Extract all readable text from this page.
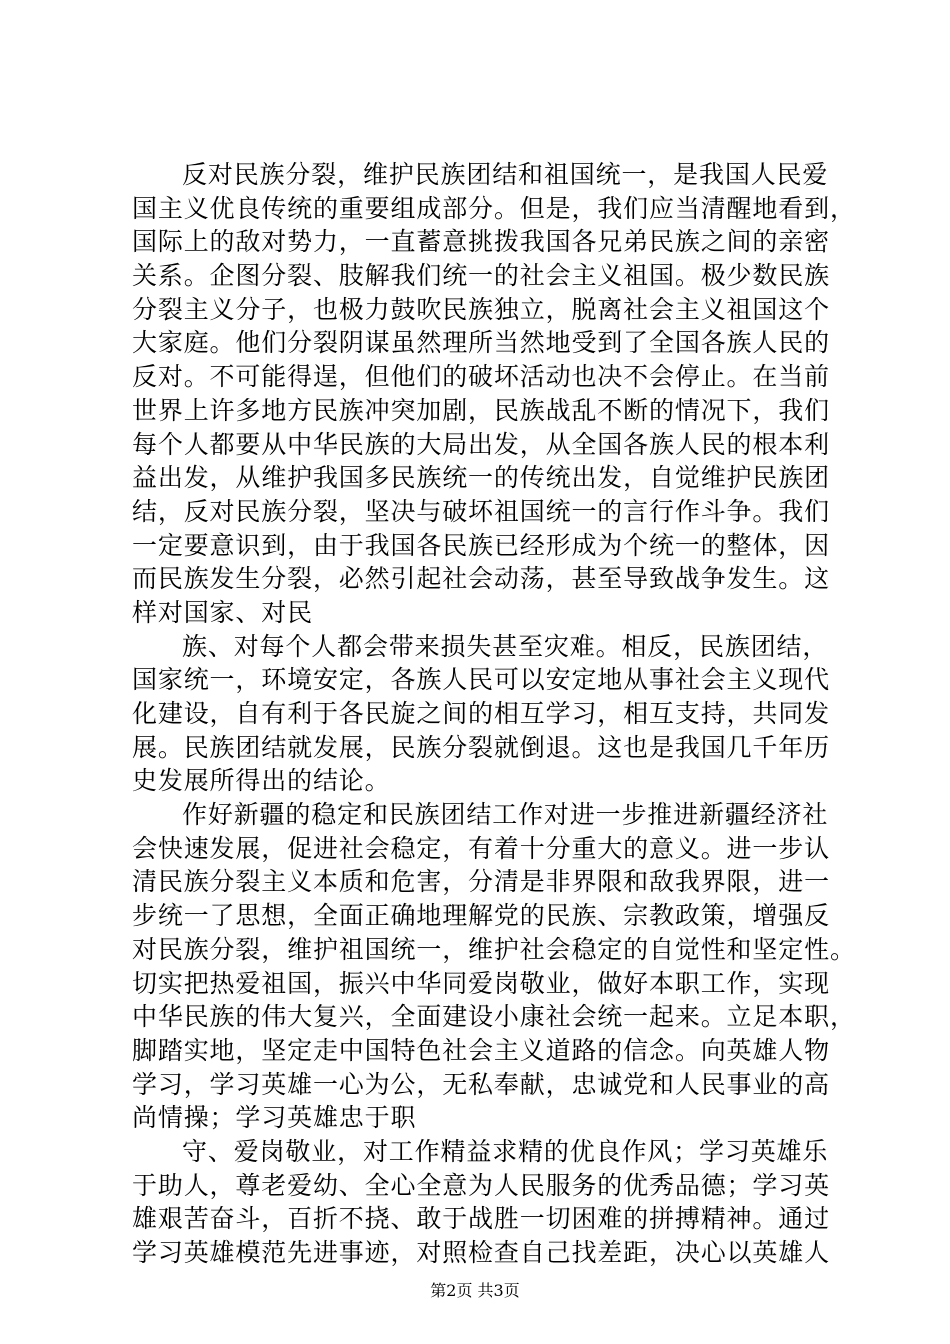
反对民族分裂，维护民族团结和祖国统一，是我国人民爱
国主义优良传统的重要组成部分。但是，我们应当清醒地看到，
国际上的敌对势力，一直蓄意挑拨我国各兄弟民族之间的亲密
关系。企图分裂、肢解我们统一的社会主义祖国。极少数民族
分裂主义分子，也极力鼓吹民族独立，脱离社会主义祖国这个
大家庭。他们分裂阴谋虽然理所当然地受到了全国各族人民的
反对。不可能得逞，但他们的破坏活动也决不会停止。在当前
世界上许多地方民族冲突加剧，民族战乱不断的情况下，我们
每个人都要从中华民族的大局出发，从全国各族人民的根本利
益出发，从维护我国多民族统一的传统出发，自觉维护民族团
结，反对民族分裂，坚决与破坏祖国统一的言行作斗争。我们
一定要意识到，由于我国各民族已经形成为个统一的整体，因
而民族发生分裂，必然引起社会动荡，甚至导致战争发生。这
样对国家、对民
族、对每个人都会带来损失甚至灾难。相反，民族团结，
国家统一，环境安定，各族人民可以安定地从事社会主义现代
化建设，自有利于各民旋之间的相互学习，相互支持，共同发
展。民族团结就发展，民族分裂就倒退。这也是我国几千年历
史发展所得出的结论。
作好新疆的稳定和民族团结工作对进一步推进新疆经济社
会快速发展，促进社会稳定，有着十分重大的意义。进一步认
清民族分裂主义本质和危害，分清是非界限和敌我界限，进一
步统一了思想，全面正确地理解党的民族、宗教政策，增强反
对民族分裂，维护祖国统一，维护社会稳定的自觉性和坚定性。
切实把热爱祖国，振兴中华同爱岗敬业，做好本职工作，实现
中华民族的伟大复兴，全面建设小康社会统一起来。立足本职，
脚踏实地，坚定走中国特色社会主义道路的信念。向英雄人物
学习，学习英雄一心为公，无私奉献，忠诚党和人民事业的高
尚情操；学习英雄忠于职
守、爱岗敬业，对工作精益求精的优良作风；学习英雄乐
于助人，尊老爱幼、全心全意为人民服务的优秀品德；学习英
雄艰苦奋斗，百折不挠、敢于战胜一切困难的拼搏精神。通过
学习英雄模范先进事迹，对照检查自己找差距，决心以英雄人
第2页 共3页
